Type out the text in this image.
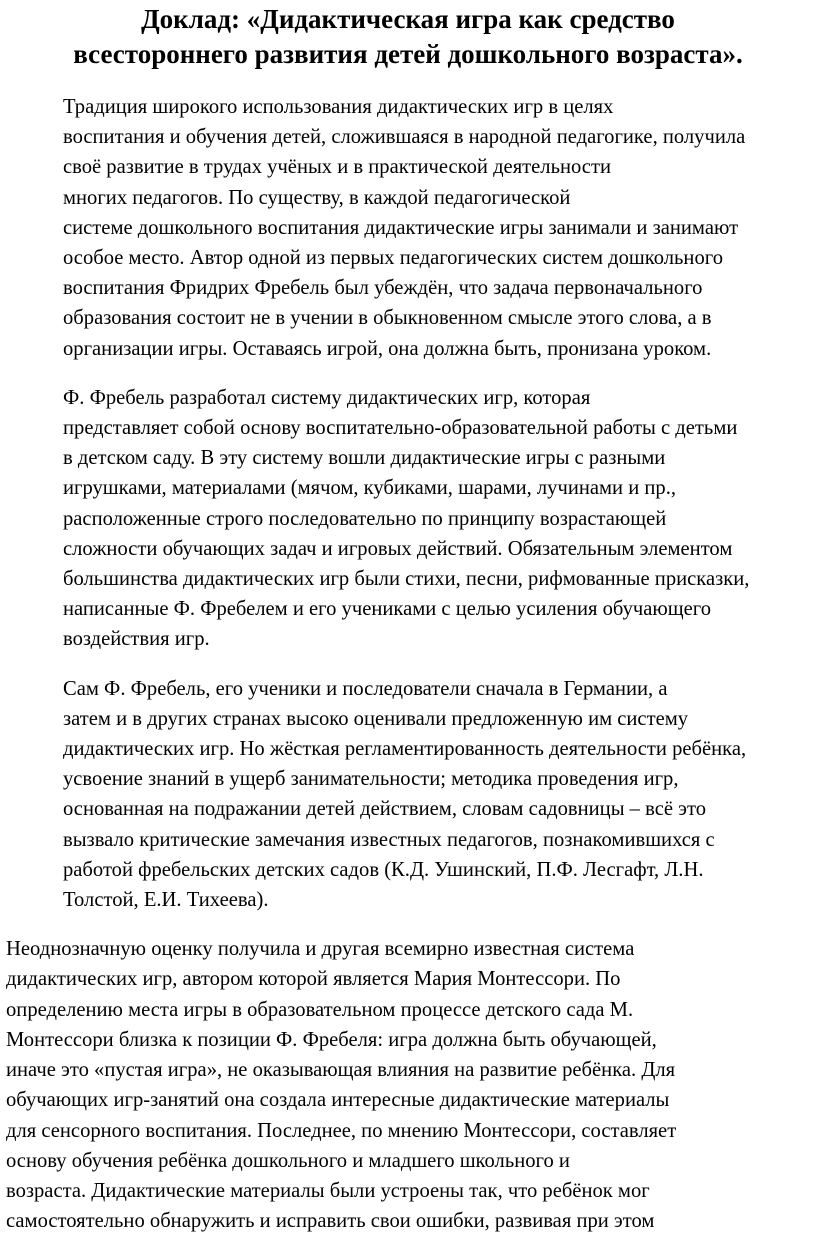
Доклад: «Дидактическая игра как средство
всестороннего развития детей дошкольного возраста».

Традиция широкого использования дидактических игр в целях
воспитания и обучения детей, сложившаяся в народной педагогике, получила
своё развитие в трудах учёных и в практической деятельности
многих педагогов. По существу, в каждой педагогической
системе дошкольного воспитания дидактические игры занимали и занимают
особое место. Автор одной из первых педагогических систем дошкольного
воспитания Фридрих Фребель был убеждён, что задача первоначального
образования состоит не в учении в обыкновенном смысле этого слова, а в
организации игры. Оставаясь игрой, она должна быть, пронизана уроком.

Ф. Фребель разработал систему дидактических игр, которая
представляет собой основу воспитательно-образовательной работы с детьми
в детском саду. В эту систему вошли дидактические игры с разными
игрушками, материалами (мячом, кубиками, шарами, лучинами и пр.,
расположенные строго последовательно по принципу возрастающей
сложности обучающих задач и игровых действий. Обязательным элементом
большинства дидактических игр были стихи, песни, рифмованные присказки,
написанные Ф. Фребелем и его учениками с целью усиления обучающего
воздействия игр.

Сам Ф. Фребель, его ученики и последователи сначала в Германии, а
затем и в других странах высоко оценивали предложенную им систему
дидактических игр. Но жёсткая регламентированность деятельности ребёнка,
усвоение знаний в ущерб занимательности; методика проведения игр,
основанная на подражании детей действием, словам садовницы – всё это
вызвало критические замечания известных педагогов, познакомившихся с
работой фребельских детских садов (К.Д. Ушинский, П.Ф. Лесгафт, Л.Н.
Толстой, Е.И. Тихеева).

Неоднозначную оценку получила и другая всемирно известная система
дидактических игр, автором которой является Мария Монтессори. По
определению места игры в образовательном процессе детского сада М.
Монтессори близка к позиции Ф. Фребеля: игра должна быть обучающей,
иначе это «пустая игра», не оказывающая влияния на развитие ребёнка. Для
обучающих игр-занятий она создала интересные дидактические материалы
для сенсорного воспитания. Последнее, по мнению Монтессори, составляет
основу обучения ребёнка дошкольного и младшего школьного и
возраста. Дидактические материалы были устроены так, что ребёнок мог
самостоятельно обнаружить и исправить свои ошибки, развивая при этом
